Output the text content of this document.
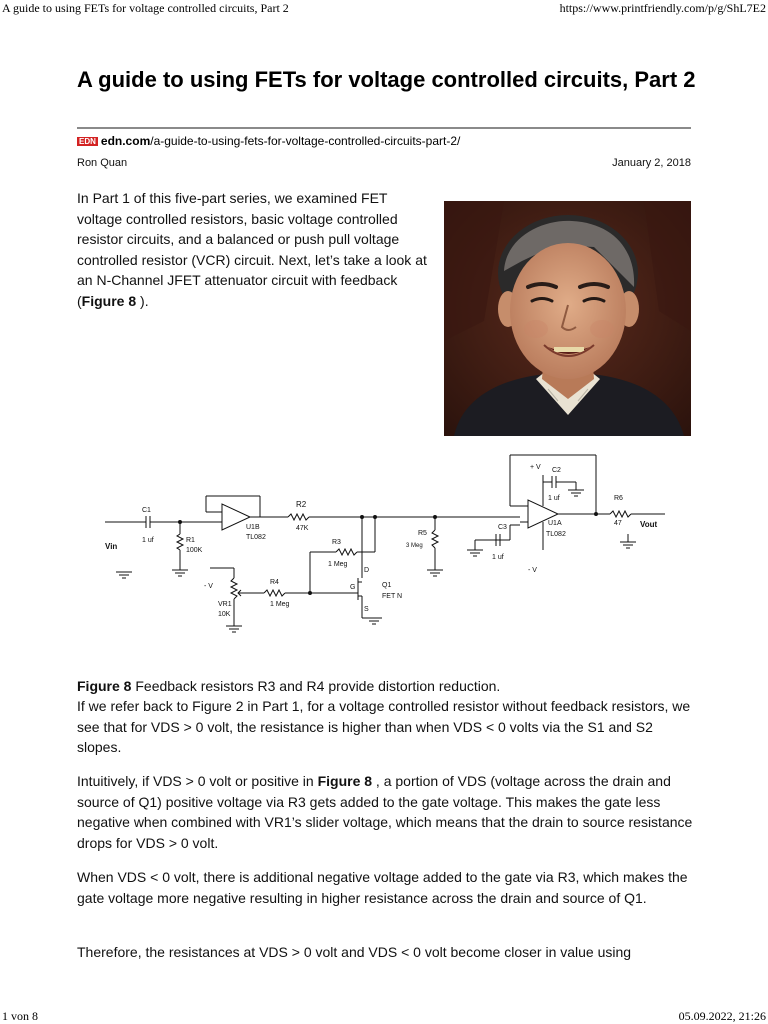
A guide to using FETs for voltage controlled circuits, Part 2	https://www.printfriendly.com/p/g/ShL7E2
A guide to using FETs for voltage controlled circuits, Part 2
EDN edn.com/a-guide-to-using-fets-for-voltage-controlled-circuits-part-2/
Ron Quan	January 2, 2018

In Part 1 of this five-part series, we examined FET voltage controlled resistors, basic voltage controlled resistor circuits, and a balanced or push pull voltage controlled resistor (VCR) circuit. Next, let’s take a look at an N-Channel JFET attenuator circuit with feedback (Figure 8 ).

C1
1 uf	R1
100K
Vin
U1B
TL082
R2
47K
R3
1 Meg
R4
1 Meg
VR1
10K
- V
D
G
S
Q1
FET N
R5
3 Meg
C3
1 uf
+ V C2
1 uf
U1A
TL082
- V
R6
47 Vout

Figure 8 Feedback resistors R3 and R4 provide distortion reduction.

If we refer back to Figure 2 in Part 1, for a voltage controlled resistor without feedback resistors, we see that for VDS > 0 volt, the resistance is higher than when VDS < 0 volts via the S1 and S2 slopes.

Intuitively, if VDS > 0 volt or positive in Figure 8 , a portion of VDS (voltage across the drain and source of Q1) positive voltage via R3 gets added to the gate voltage. This makes the gate less negative when combined with VR1’s slider voltage, which means that the drain to source resistance drops for VDS > 0 volt.

When VDS < 0 volt, there is additional negative voltage added to the gate via R3, which makes the gate voltage more negative resulting in higher resistance across the drain and source of Q1.

Therefore, the resistances at VDS > 0 volt and VDS < 0 volt become closer in value using

1 von 8	05.09.2022, 21:26
